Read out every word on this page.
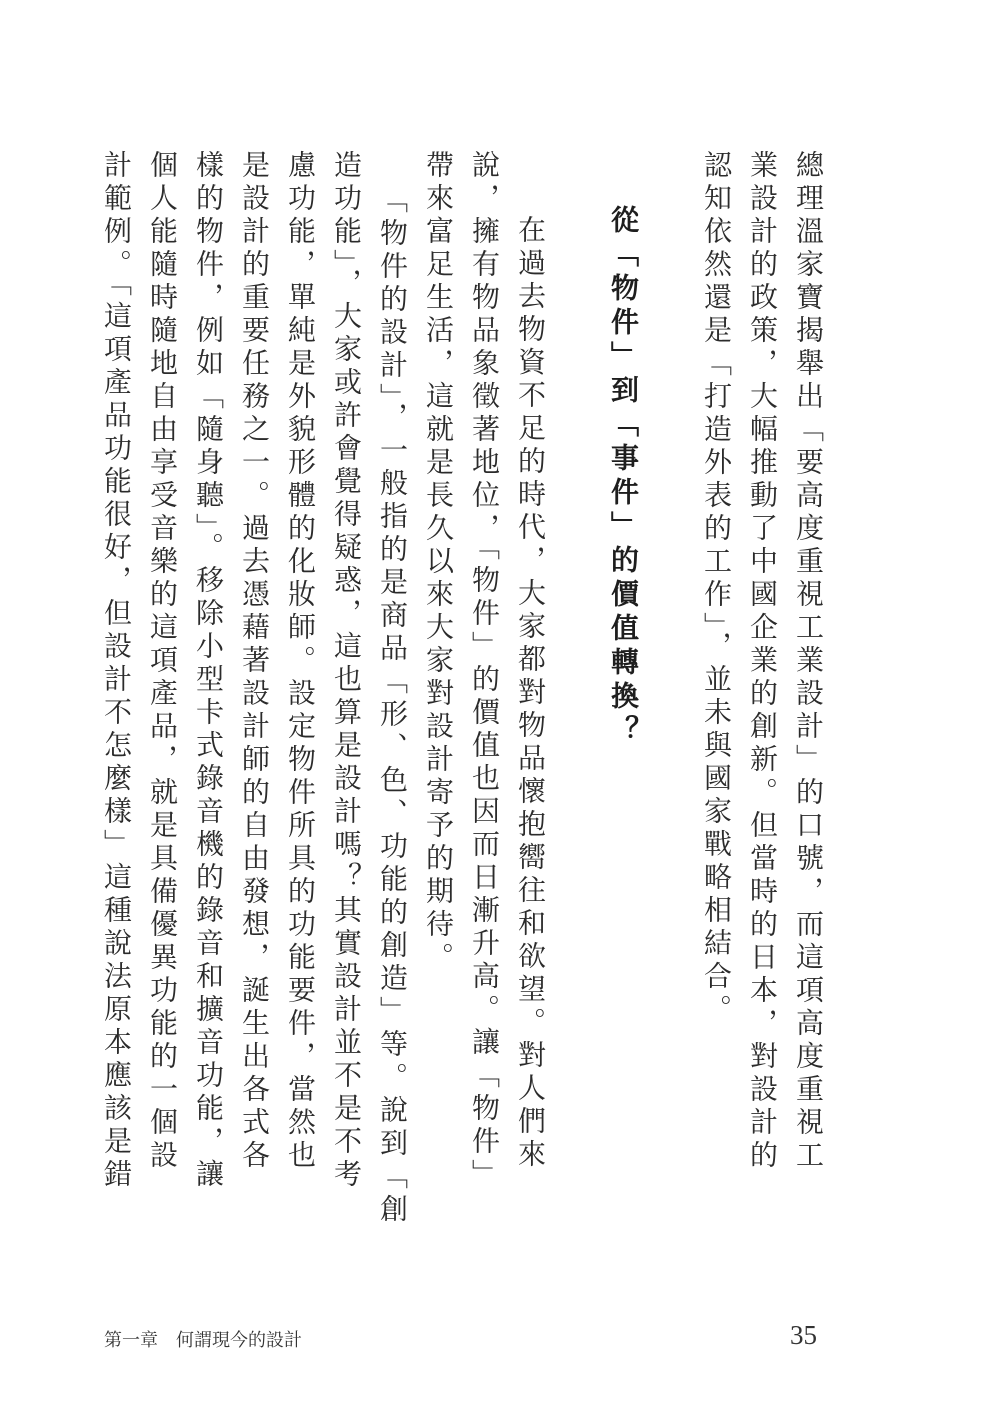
總理溫家寶揭舉出「要高度重視工業設計」的口號，而這項高度重視工
業設計的政策，大幅推動了中國企業的創新。但當時的日本，對設計的
認知依然還是「打造外表的工作」，並未與國家戰略相結合。
從「物件」到「事件」的價值轉換？
在過去物資不足的時代，大家都對物品懷抱嚮往和欲望。對人們來
說，擁有物品象徵著地位，「物件」的價值也因而日漸升高。讓「物件」
帶來富足生活，這就是長久以來大家對設計寄予的期待。
「物件的設計」，一般指的是商品「形、色、功能的創造」等。說到「創
造功能」，大家或許會覺得疑惑，這也算是設計嗎？其實設計並不是不考
慮功能，單純是外貌形體的化妝師。設定物件所具的功能要件，當然也
是設計的重要任務之一。過去憑藉著設計師的自由發想，誕生出各式各
樣的物件，例如「隨身聽」。移除小型卡式錄音機的錄音和擴音功能，讓
個人能隨時隨地自由享受音樂的這項產品，就是具備優異功能的一個設
計範例。「這項產品功能很好，但設計不怎麼樣」這種說法原本應該是錯
第一章　何謂現今的設計	35
